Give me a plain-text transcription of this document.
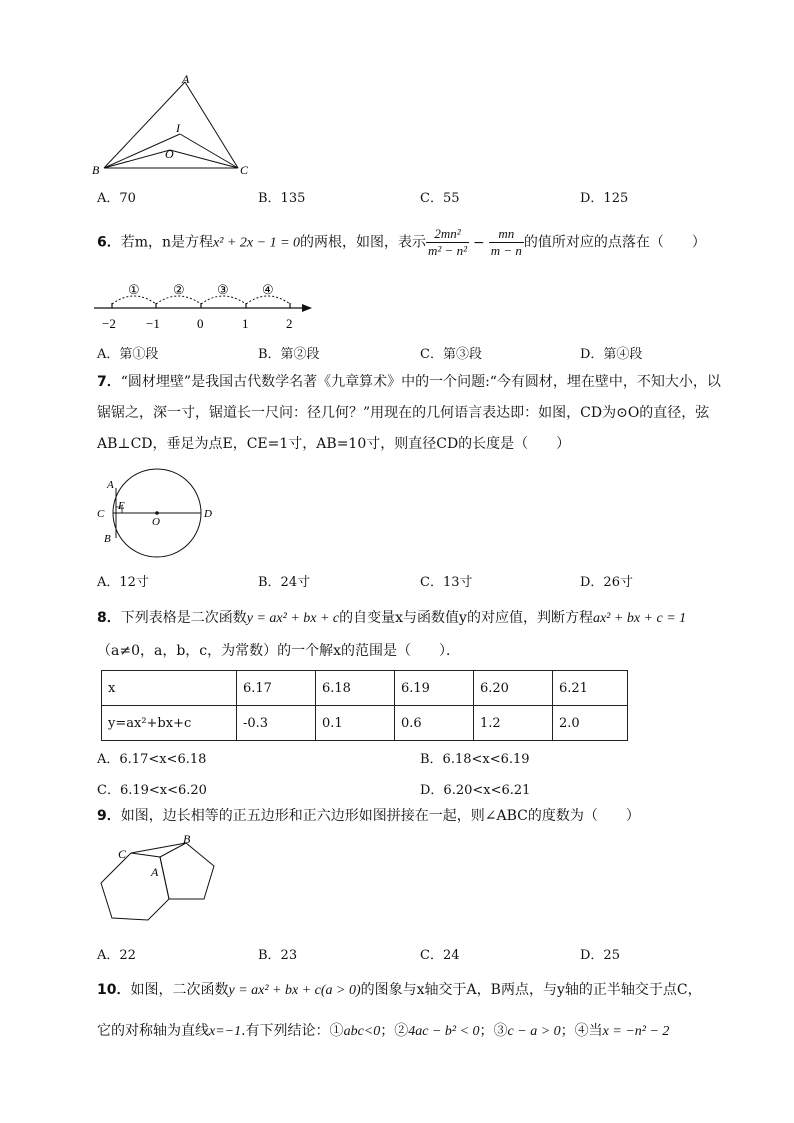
A
B	C
I
O
A．70	B．135	C．55	D．125
6．若m，n是方程x² + 2x − 1 = 0的两根，如图，表示 $\frac{\text{2mn²}}{\text{m² − n²}} - \frac{mn}{m - n}$ 的值所对应的点落在（　　）
①	② ③	④
−2 −1	0	1	2
A．第①段	B．第②段	C．第③段	D．第④段
7．“圆材埋壁”是我国古代数学名著《九章算术》中的一个问题:“今有圆材，埋在壁中，不知大小，以
锯锯之，深一寸，锯道长一尺问：径几何？”用现在的几何语言表达即：如图，CD为⊙O的直径，弦
AB⊥CD，垂足为点E，CE=1寸，AB=10寸，则直径CD的长度是（　　）
A
B
C	D
E
O
A．12寸	B．24寸	C．13寸	D．26寸
8．下列表格是二次函数y = ax² + bx + c的自变量x与函数值y的对应值，判断方程ax² + bx + c = 1
（a≠0，a，b，c，为常数）的一个解x的范围是（　　）．
x	6.17	6.18	6.19	6.20	6.21
y=ax²+bx+c	-0.3	0.1	0.6	1.2	2.0
A．6.17<x<6.18	B．6.18<x<6.19
C．6.19<x<6.20	D．6.20<x<6.21
9．如图，边长相等的正五边形和正六边形如图拼接在一起，则∠ABC的度数为（　　）
C
B
A
A．22	B．23	C．24	D．25
10．如图，二次函数y = ax² + bx + c(a > 0)的图象与x轴交于A，B两点，与y轴的正半轴交于点C，
它的对称轴为直线x=−1.有下列结论：①abc<0；②4ac − b² < 0；③c − a > 0；④当x = −n² − 2
